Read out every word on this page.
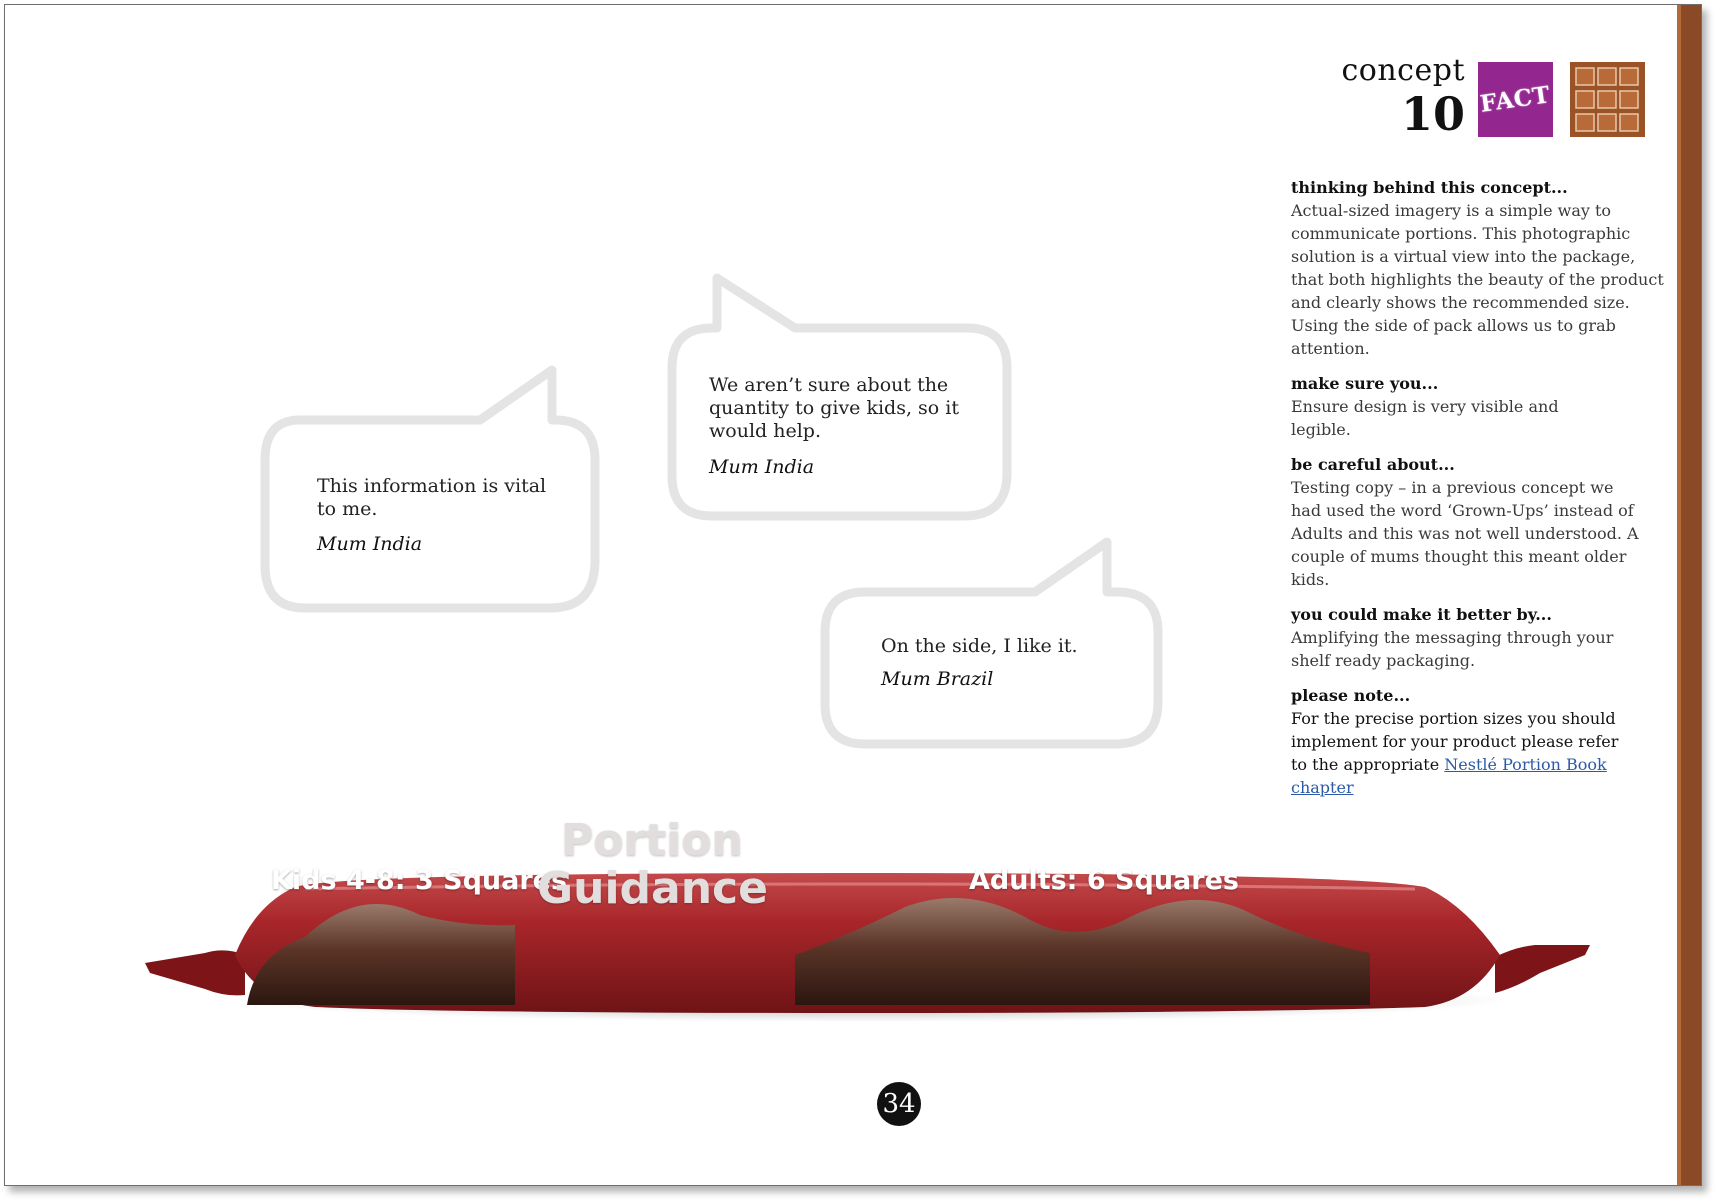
concept
10 FACT
thinking behind this concept...
Actual-sized imagery is a simple way to communicate portions. This photographic solution is a virtual view into the package, that both highlights the beauty of the product and clearly shows the recommended size. Using the side of pack allows us to grab attention.
make sure you...
Ensure design is very visible and legible.
be careful about...
Testing copy – in a previous concept we had used the word ‘Grown-Ups’ instead of Adults and this was not well understood. A couple of mums thought this meant older kids.
you could make it better by...
Amplifying the messaging through your shelf ready packaging.
please note...
For the precise portion sizes you should implement for your product please refer to the appropriate Nestlé Portion Book chapter
This information is vital to me.
Mum India
We aren’t sure about the quantity to give kids, so it would help.
Mum India
On the side, I like it.
Mum Brazil
Kids 4-8: 3 Squares
Portion
Guidance	Adults: 6 Squares
34
